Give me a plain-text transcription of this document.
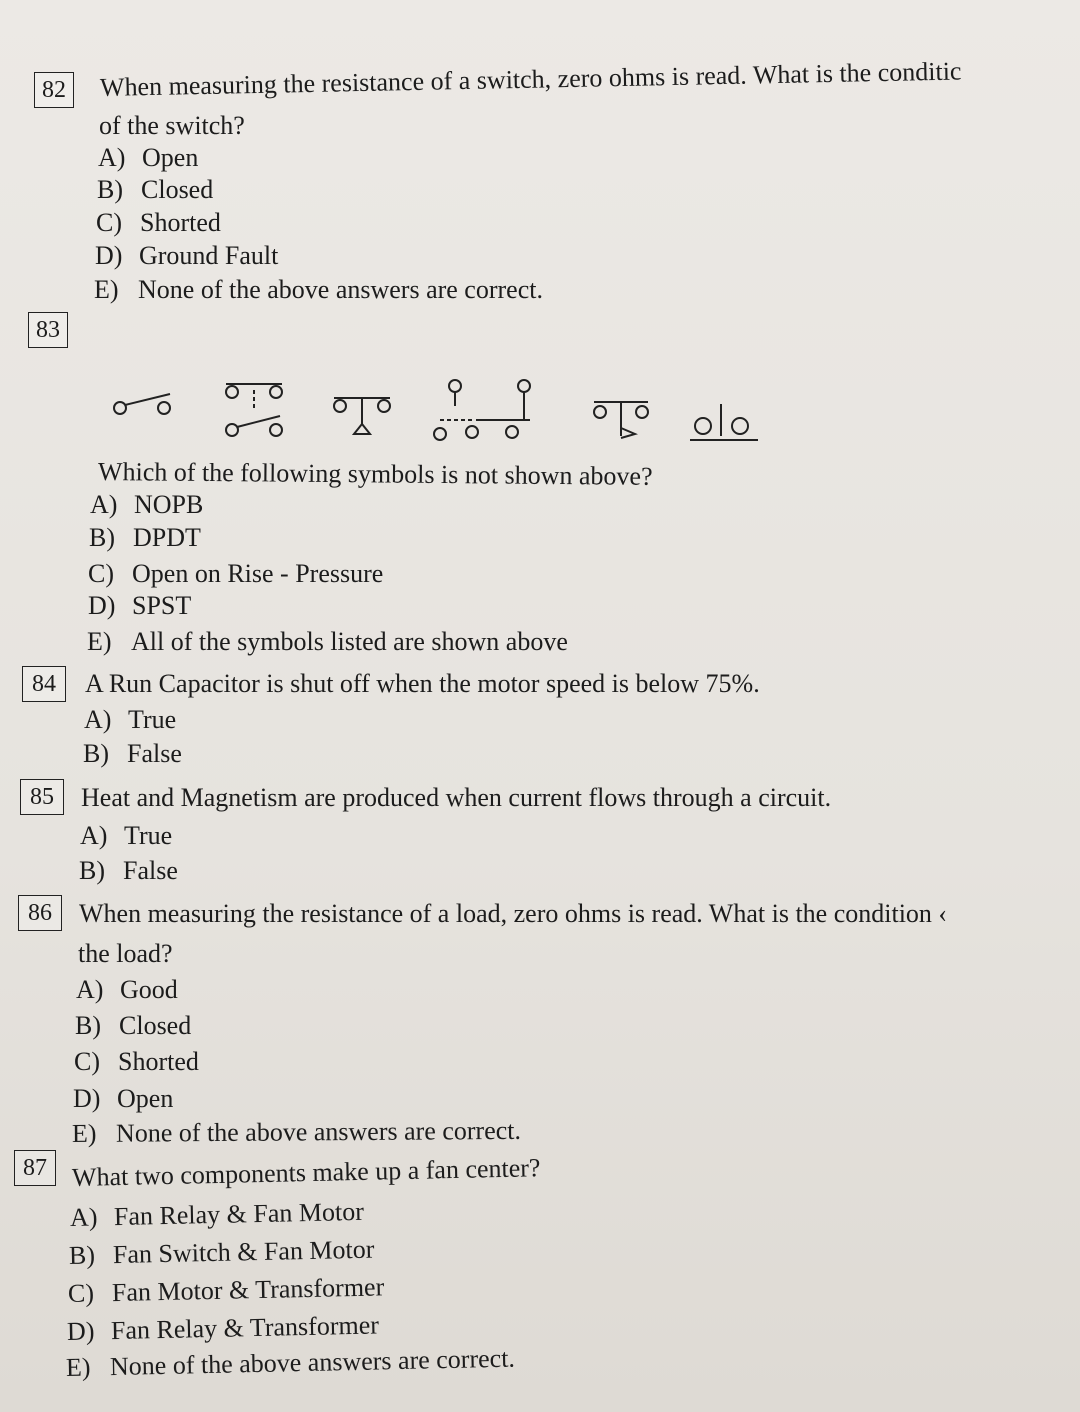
82	When measuring the resistance of a switch, zero ohms is read. What is the conditic
of the switch?
A) Open
B) Closed
C) Shorted
D) Ground Fault
E) None of the above answers are correct.
83
Which of the following symbols is not shown above?
A) NOPB
B) DPDT
C) Open on Rise - Pressure
D) SPST
E) All of the symbols listed are shown above
84	A Run Capacitor is shut off when the motor speed is below 75%.
A) True
B) False
85	Heat and Magnetism are produced when current flows through a circuit.
A) True
B) False
86	When measuring the resistance of a load, zero ohms is read. What is the condition ‹
the load?
A) Good
B) Closed
C) Shorted
D) Open
E) None of the above answers are correct.
87 What two components make up a fan center?
A) Fan Relay & Fan Motor
B) Fan Switch & Fan Motor
C) Fan Motor & Transformer
D) Fan Relay & Transformer
E) None of the above answers are correct.
